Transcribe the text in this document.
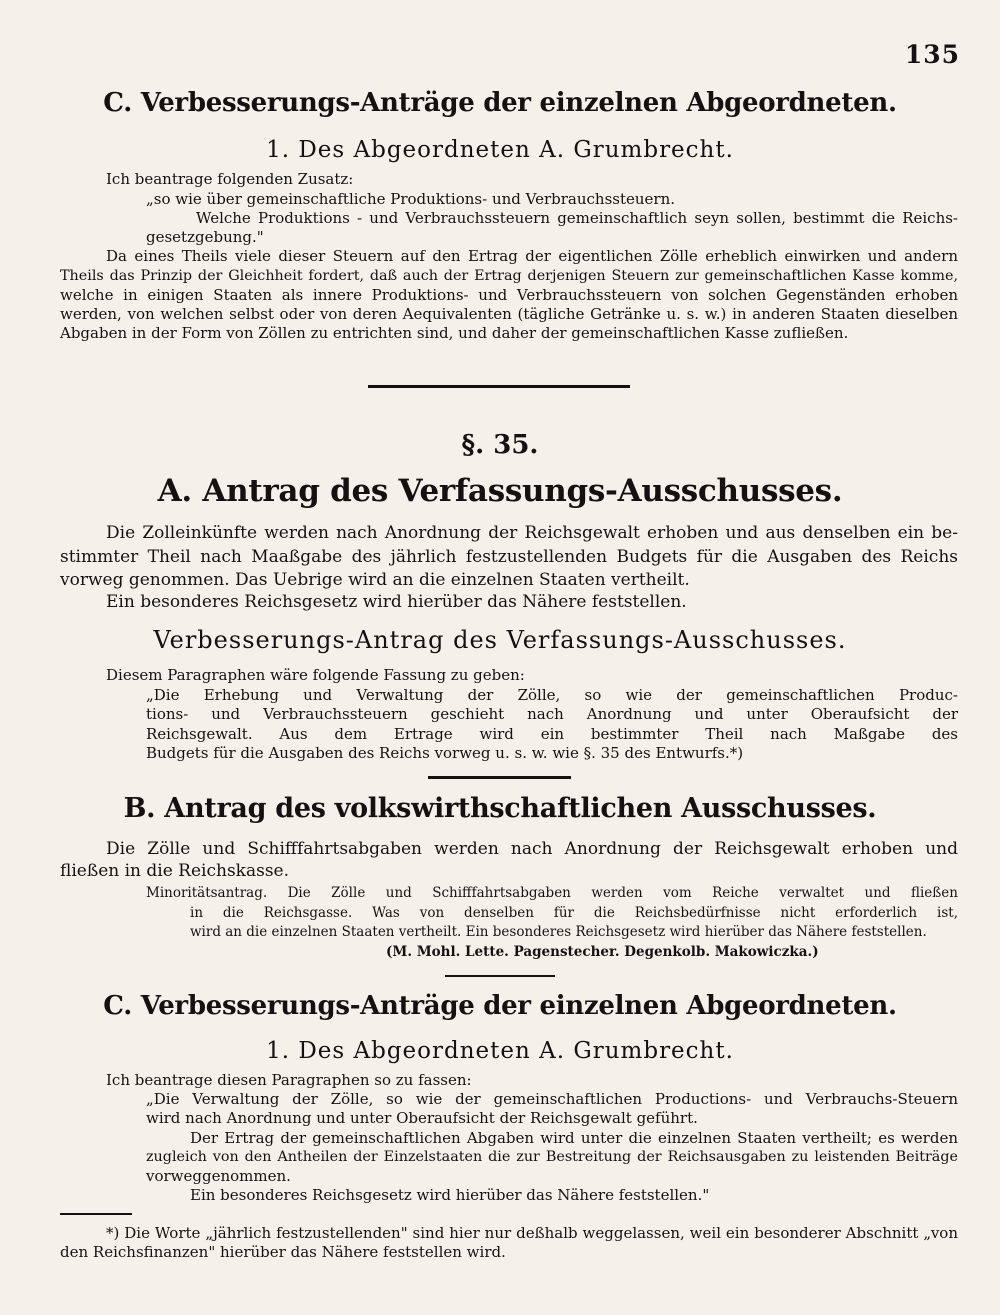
135
C. Verbesserungs-Anträge der einzelnen Abgeordneten.
1. Des Abgeordneten A. Grumbrecht.
Ich beantrage folgenden Zusatz:
„so wie über gemeinschaftliche Produktions- und Verbrauchssteuern.
Welche Produktions - und Verbrauchssteuern gemeinschaftlich seyn sollen, bestimmt die Reichs-
gesetzgebung."
Da eines Theils viele dieser Steuern auf den Ertrag der eigentlichen Zölle erheblich einwirken und andern
Theils das Prinzip der Gleichheit fordert, daß auch der Ertrag derjenigen Steuern zur gemeinschaftlichen Kasse komme,
welche in einigen Staaten als innere Produktions- und Verbrauchssteuern von solchen Gegenständen erhoben
werden, von welchen selbst oder von deren Aequivalenten (tägliche Getränke u. s. w.) in anderen Staaten dieselben
Abgaben in der Form von Zöllen zu entrichten sind, und daher der gemeinschaftlichen Kasse zufließen.
§. 35.
A. Antrag des Verfassungs-Ausschusses.
Die Zolleinkünfte werden nach Anordnung der Reichsgewalt erhoben und aus denselben ein be-
stimmter Theil nach Maaßgabe des jährlich festzustellenden Budgets für die Ausgaben des Reichs
vorweg genommen. Das Uebrige wird an die einzelnen Staaten vertheilt.
Ein besonderes Reichsgesetz wird hierüber das Nähere feststellen.
Verbesserungs-Antrag des Verfassungs-Ausschusses.
Diesem Paragraphen wäre folgende Fassung zu geben:
„Die Erhebung und Verwaltung der Zölle, so wie der gemeinschaftlichen Produc-
tions- und Verbrauchssteuern geschieht nach Anordnung und unter Oberaufsicht der
Reichsgewalt. Aus dem Ertrage wird ein bestimmter Theil nach Maßgabe des
Budgets für die Ausgaben des Reichs vorweg u. s. w. wie §. 35 des Entwurfs.*)
B. Antrag des volkswirthschaftlichen Ausschusses.
Die Zölle und Schifffahrtsabgaben werden nach Anordnung der Reichsgewalt erhoben und
fließen in die Reichskasse.
Minoritätsantrag. Die Zölle und Schifffahrtsabgaben werden vom Reiche verwaltet und fließen
in die Reichsgasse. Was von denselben für die Reichsbedürfnisse nicht erforderlich ist,
wird an die einzelnen Staaten vertheilt. Ein besonderes Reichsgesetz wird hierüber das Nähere feststellen.
(M. Mohl. Lette. Pagenstecher. Degenkolb. Makowiczka.)
C. Verbesserungs-Anträge der einzelnen Abgeordneten.
1. Des Abgeordneten A. Grumbrecht.
Ich beantrage diesen Paragraphen so zu fassen:
„Die Verwaltung der Zölle, so wie der gemeinschaftlichen Productions- und Verbrauchs-Steuern
wird nach Anordnung und unter Oberaufsicht der Reichsgewalt geführt.
Der Ertrag der gemeinschaftlichen Abgaben wird unter die einzelnen Staaten vertheilt; es werden
zugleich von den Antheilen der Einzelstaaten die zur Bestreitung der Reichsausgaben zu leistenden Beiträge
vorweggenommen.
Ein besonderes Reichsgesetz wird hierüber das Nähere feststellen."
*) Die Worte „jährlich festzustellenden" sind hier nur deßhalb weggelassen, weil ein besonderer Abschnitt „von
den Reichsfinanzen" hierüber das Nähere feststellen wird.
